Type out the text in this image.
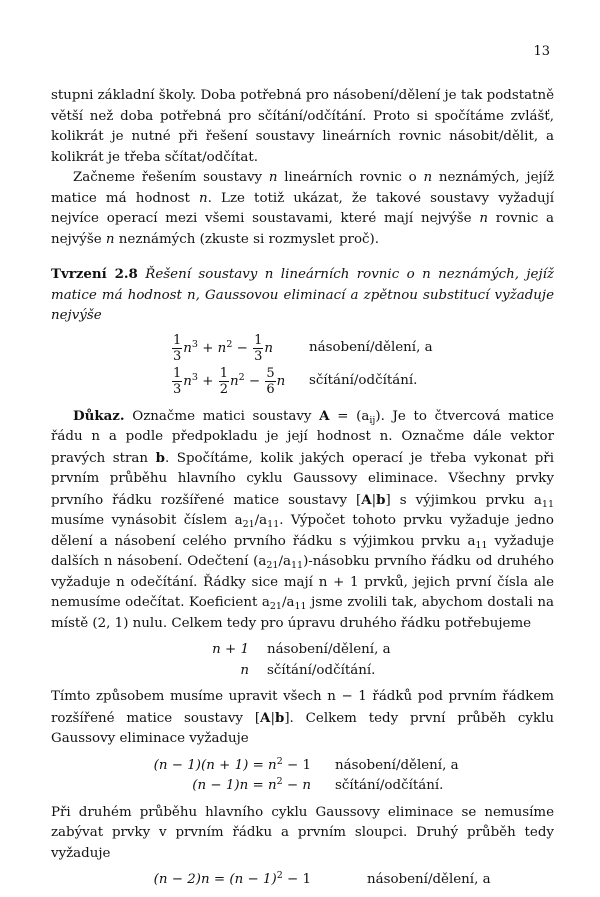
13

stupni základní školy. Doba potřebná pro násobení/dělení je tak podstatně větší než doba potřebná pro sčítání/odčítání. Proto si spočítáme zvlášť, kolikrát je nutné při řešení soustavy lineárních rovnic násobit/dělit, a kolikrát je třeba sčítat/odčítat.

Začneme řešením soustavy n lineárních rovnic o n neznámých, jejíž matice má hodnost n. Lze totiž ukázat, že takové soustavy vyžadují nejvíce operací mezi všemi soustavami, které mají nejvýše n rovnic a nejvýše n neznámých (zkuste si rozmyslet proč).

Tvrzení 2.8 Řešení soustavy n lineárních rovnic o n neznámých, jejíž matice má hodnost n, Gaussovou eliminací a zpětnou substitucí vyžaduje nejvýše

$\frac{1}{3} n^3 + n^2 - \frac{1}{3}$ n	násobení/dělení, a
$\frac{1}{3} n^3 + \frac{1}{2} n^2 - \frac{5}{6}$ n	sčítání/odčítání.

Důkaz. Označme matici soustavy $A = (a_{ij})$. Je to čtvercová matice řádu n a podle předpokladu je její hodnost n. Označme dále vektor pravých stran b. Spočítáme, kolik jakých operací je třeba vykonat při prvním průběhu hlavního cyklu Gaussovy eliminace. Všechny prvky prvního řádku rozšířené matice soustavy [A|b] s výjimkou prvku $a_{11}$ musíme vynásobit číslem $a_{21}/a_{11}$. Výpočet tohoto prvku vyžaduje jedno dělení a násobení celého prvního řádku s výjimkou prvku $a_{11}$ vyžaduje dalších n násobení. Odečtení $(a_{21}/a_{11})$-násobku prvního řádku od druhého vyžaduje n odečítání. Řádky sice mají n + 1 prvků, jejich první čísla ale nemusíme odečítat. Koeficient $a_{21}/a_{11}$ jsme zvolili tak, abychom dostali na místě (2, 1) nulu. Celkem tedy pro úpravu druhého řádku potřebujeme

n + 1 násobení/dělení, a
n sčítání/odčítání.

Tímto způsobem musíme upravit všech n − 1 řádků pod prvním řádkem rozšířené matice soustavy [A|b]. Celkem tedy první průběh cyklu Gaussovy eliminace vyžaduje

$(n - 1)(n + 1) = n^2 - 1$ násobení/dělení, a
$(n - 1)n = n^2 - n$ sčítání/odčítání.

Při druhém průběhu hlavního cyklu Gaussovy eliminace se nemusíme zabývat prvky v prvním řádku a prvním sloupci. Druhý průběh tedy vyžaduje

$(n - 2)n = (n - 1)^2 - 1$	násobení/dělení, a
